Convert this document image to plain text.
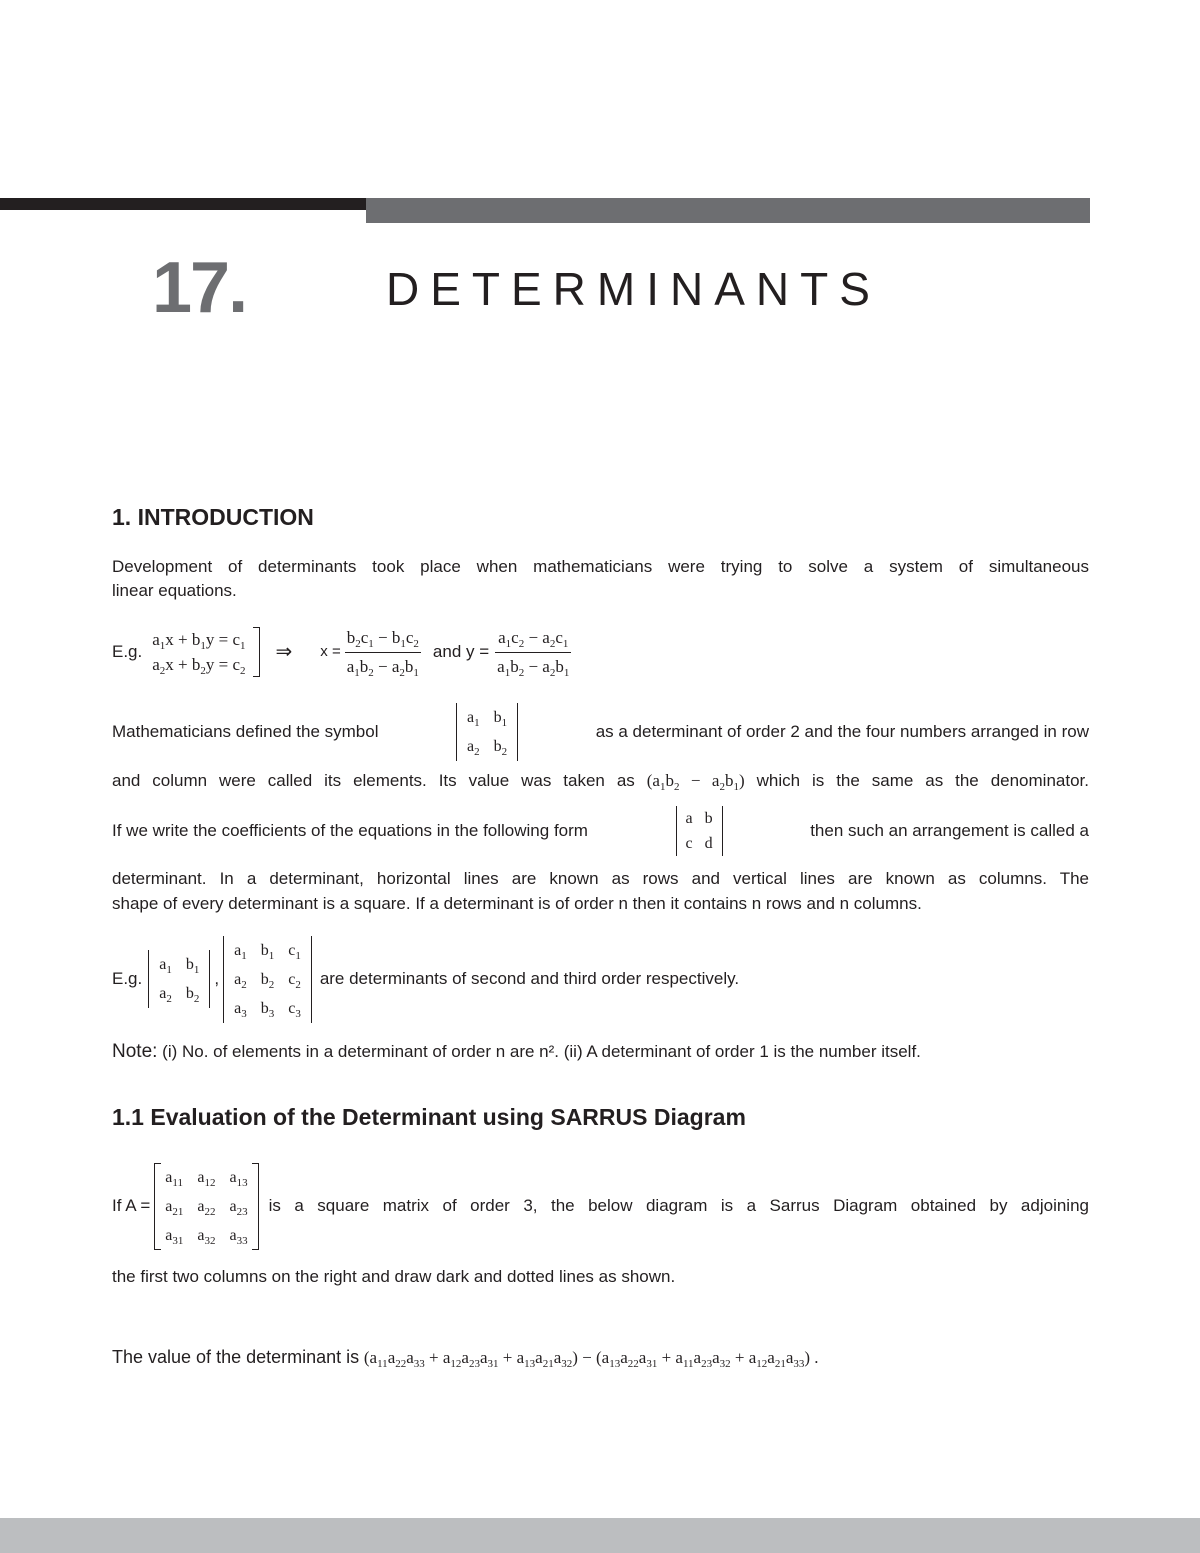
17.	DETERMINANTS
1. INTRODUCTION
Development of determinants took place when mathematicians were trying to solve a system of simultaneous
linear equations.
E.g.
$a_1x + b_1y = c_1$
$a_2x + b_2y = c_2$
⇒ $x = \frac{b_2c_1 - b_1c_2}{a_1b_2 - a_2b_1}$ and $y = \frac{a_1c_2 - a_2c_1}{a_1b_2 - a_2b_1}$
Mathematicians defined the symbol
$a_1$	$b_1$
$a_2$	$b_2$
as a determinant of order 2 and the four numbers arranged in row
and column were called its elements. Its value was taken as $(a_1b_2 - a_2b_1)$ which is the same as the denominator.
If we write the coefficients of the equations in the following form
a	b
c	d
then such an arrangement is called a
determinant. In a determinant, horizontal lines are known as rows and vertical lines are known as columns. The
shape of every determinant is a square. If a determinant is of order n then it contains n rows and n columns.
E.g.
$a_1$	$b_1$
$a_2$	$b_2$
,
$a_1$	$b_1$	$c_1$
$a_2$	$b_2$	$c_2$
$a_3$	$b_3$	$c_3$
are determinants of second and third order respectively.
Note: (i) No. of elements in a determinant of order n are n². (ii) A determinant of order 1 is the number itself.
1.1 Evaluation of the Determinant using SARRUS Diagram
If A =
$a_{11}$	$a_{12}$	$a_{13}$
$a_{21}$	$a_{22}$	$a_{23}$
$a_{31}$	$a_{32}$	$a_{33}$
is a square matrix of order 3, the below diagram is a Sarrus Diagram obtained by adjoining
the first two columns on the right and draw dark and dotted lines as shown.
The value of the determinant is $(a_{11}a_{22}a_{33} + a_{12}a_{23}a_{31} + a_{13}a_{21}a_{32}) - (a_{13}a_{22}a_{31} + a_{11}a_{23}a_{32} + a_{12}a_{21}a_{33})$ .
